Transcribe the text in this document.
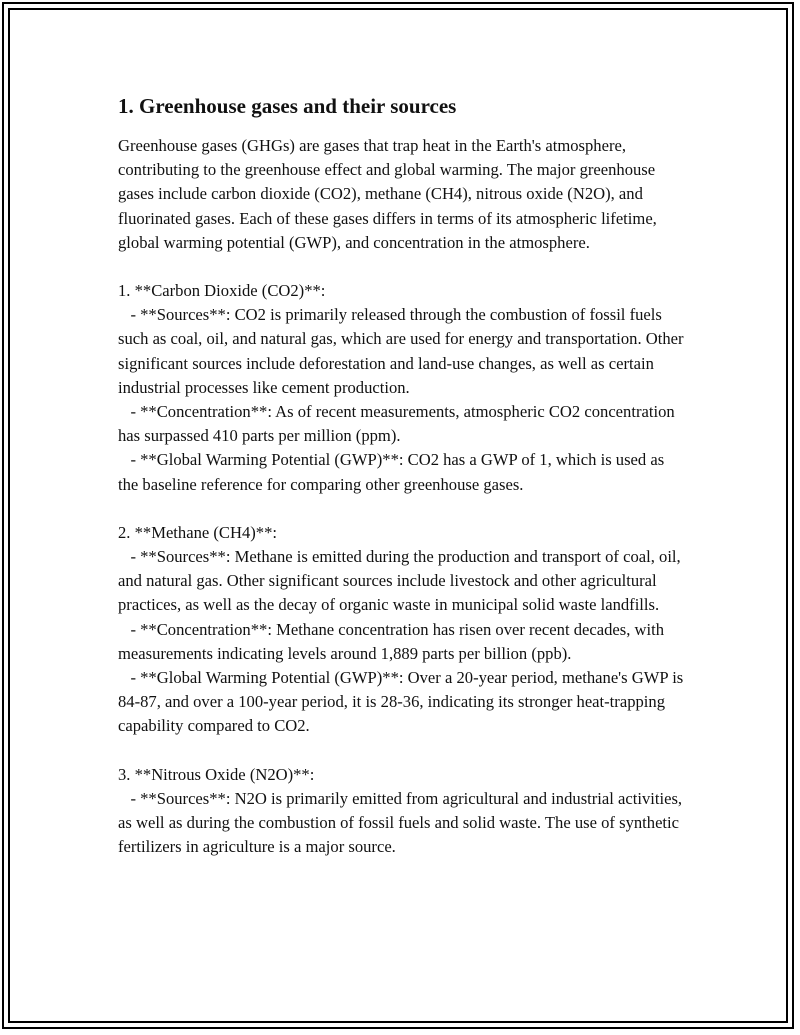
1. Greenhouse gases and their sources

Greenhouse gases (GHGs) are gases that trap heat in the Earth's atmosphere, contributing to the greenhouse effect and global warming. The major greenhouse gases include carbon dioxide (CO2), methane (CH4), nitrous oxide (N2O), and fluorinated gases. Each of these gases differs in terms of its atmospheric lifetime, global warming potential (GWP), and concentration in the atmosphere.

1. **Carbon Dioxide (CO2)**:
- **Sources**: CO2 is primarily released through the combustion of fossil fuels such as coal, oil, and natural gas, which are used for energy and transportation. Other significant sources include deforestation and land-use changes, as well as certain industrial processes like cement production.
- **Concentration**: As of recent measurements, atmospheric CO2 concentration has surpassed 410 parts per million (ppm).
- **Global Warming Potential (GWP)**: CO2 has a GWP of 1, which is used as the baseline reference for comparing other greenhouse gases.
2. **Methane (CH4)**:
- **Sources**: Methane is emitted during the production and transport of coal, oil, and natural gas. Other significant sources include livestock and other agricultural practices, as well as the decay of organic waste in municipal solid waste landfills.
- **Concentration**: Methane concentration has risen over recent decades, with measurements indicating levels around 1,889 parts per billion (ppb).
- **Global Warming Potential (GWP)**: Over a 20-year period, methane's GWP is 84-87, and over a 100-year period, it is 28-36, indicating its stronger heat-trapping capability compared to CO2.
3. **Nitrous Oxide (N2O)**:
- **Sources**: N2O is primarily emitted from agricultural and industrial activities, as well as during the combustion of fossil fuels and solid waste. The use of synthetic fertilizers in agriculture is a major source.
